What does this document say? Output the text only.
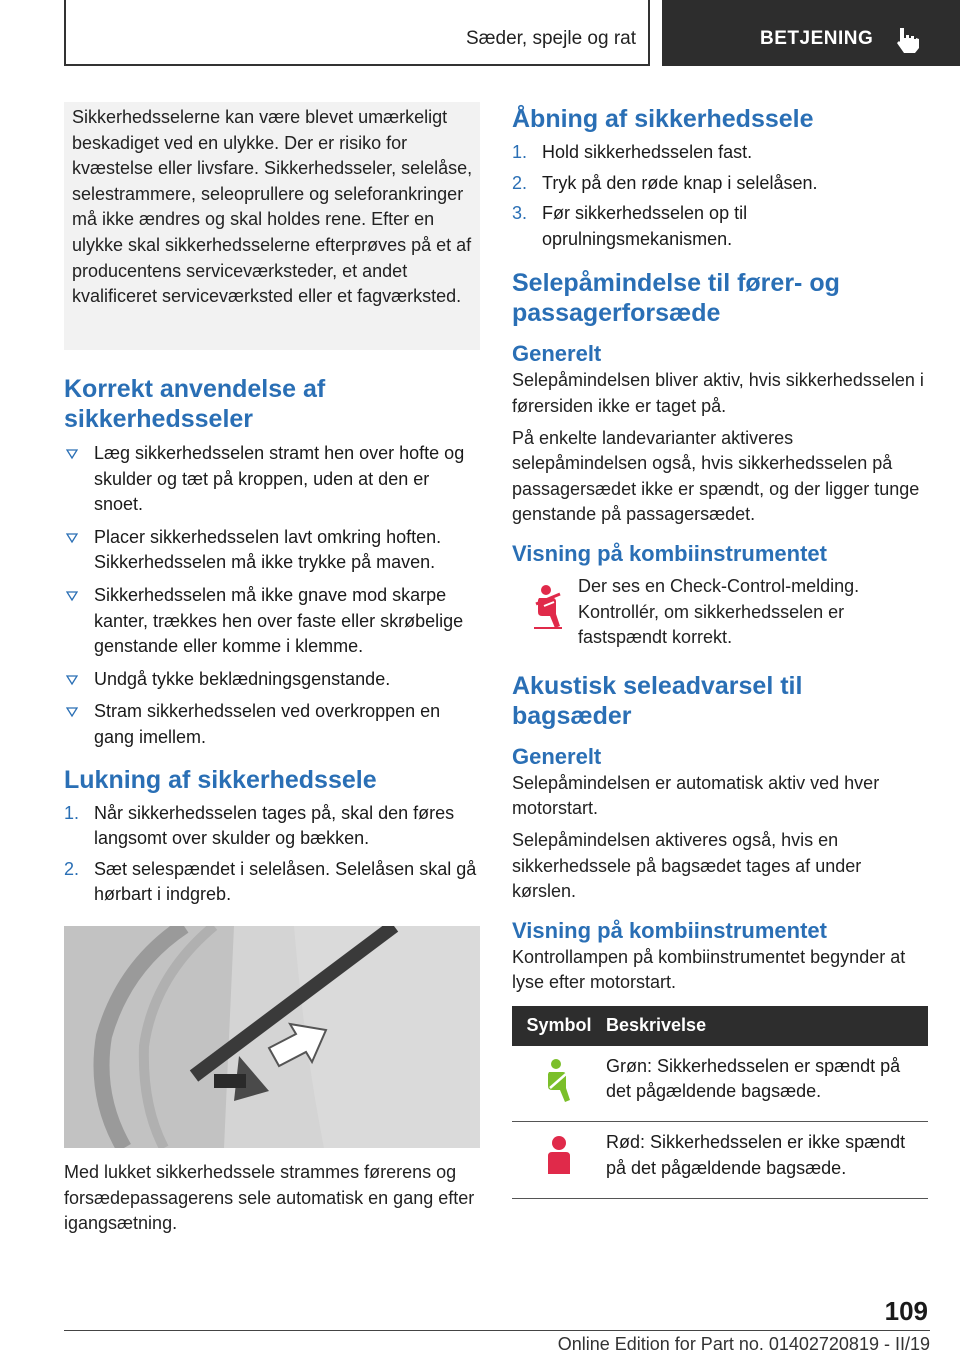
Sæder, spejle og rat	BETJENING

Sikkerhedsselerne kan være blevet umærkeligt beskadiget ved en ulykke. Der er risiko for kvæstelse eller livsfare. Sikkerhedsseler, selelåse, selestrammere, seleoprullere og seleforankringer må ikke ændres og skal holdes rene. Efter en ulykke skal sikkerhedsselerne efterprøves på et af producentens serviceværksteder, et andet kvalificeret serviceværksted eller et fagværksted.

Korrekt anvendelse af sikkerhedsseler
Læg sikkerhedsselen stramt hen over hofte og skulder og tæt på kroppen, uden at den er snoet.
Placer sikkerhedsselen lavt omkring hoften. Sikkerhedsselen må ikke trykke på maven.
Sikkerhedsselen må ikke gnave mod skarpe kanter, trækkes hen over faste eller skrøbelige genstande eller komme i klemme.
Undgå tykke beklædningsgenstande.
Stram sikkerhedsselen ved overkroppen en gang imellem.
Lukning af sikkerhedssele
1. Når sikkerhedsselen tages på, skal den føres langsomt over skulder og bækken.
2. Sæt selespændet i selelåsen. Selelåsen skal gå hørbart i indgreb.

Med lukket sikkerhedssele strammes førerens og forsædepassagerens sele automatisk en gang efter igangsætning.

Åbning af sikkerhedssele
1. Hold sikkerhedsselen fast.
2. Tryk på den røde knap i selelåsen.
3. Før sikkerhedsselen op til oprulningsmekanismen.
Selepåmindelse til fører- og passagerforsæde
Generelt

Selepåmindelsen bliver aktiv, hvis sikkerhedsselen i førersiden ikke er taget på.

På enkelte landevarianter aktiveres selepåmindelsen også, hvis sikkerhedsselen på passagersædet ikke er spændt, og der ligger tunge genstande på passagersædet.

Visning på kombiinstrumentet

Der ses en Check-Control-melding. Kontrollér, om sikkerhedsselen er fastspændt korrekt.

Akustisk seleadvarsel til bagsæder
Generelt

Selepåmindelsen er automatisk aktiv ved hver motorstart.

Selepåmindelsen aktiveres også, hvis en sikkerhedssele på bagsædet tages af under kørslen.

Visning på kombiinstrumentet

Kontrollampen på kombiinstrumentet begynder at lyse efter motorstart.

Symbol	Beskrivelse
	Grøn: Sikkerhedsselen er spændt på det pågældende bagsæde.
	Rød: Sikkerhedsselen er ikke spændt på det pågældende bagsæde.
109
Online Edition for Part no. 01402720819 - II/19
